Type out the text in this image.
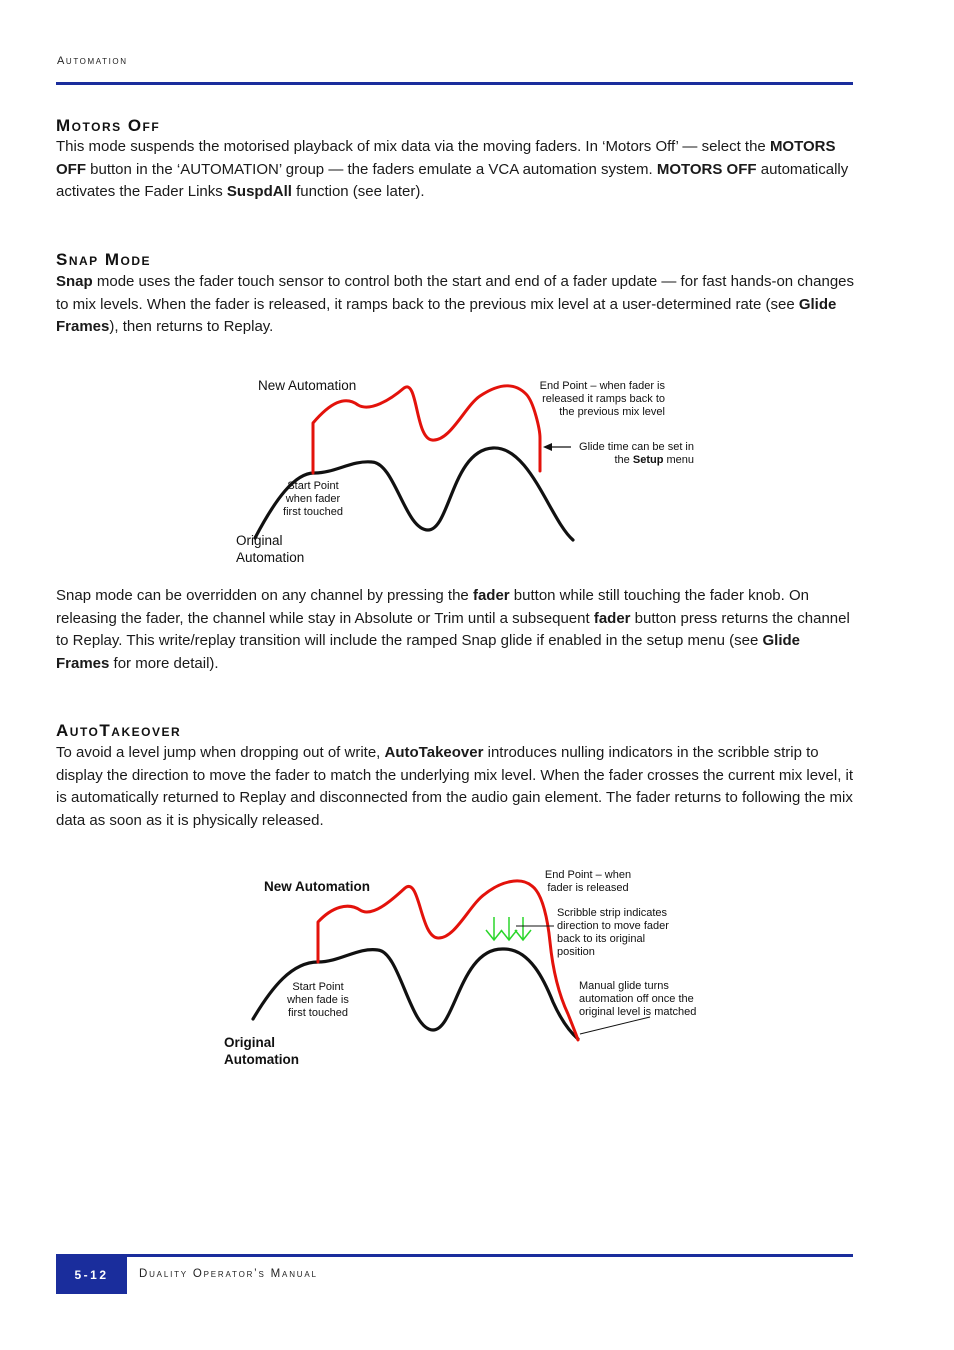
Automation
Motors Off

This mode suspends the motorised playback of mix data via the moving faders. In ‘Motors Off’ — select the MOTORS OFF button in the ‘AUTOMATION’ group — the faders emulate a VCA automation system. MOTORS OFF automatically activates the Fader Links SuspdAll function (see later).

Snap Mode

Snap mode uses the fader touch sensor to control both the start and end of a fader update — for fast hands-on changes to mix levels. When the fader is released, it ramps back to the previous mix level at a user-determined rate (see Glide Frames), then returns to Replay.

New Automation	End Point – when fader is
released it ramps back to
the previous mix level
Glide time can be set in
the Setup menu
Start Point
when fader
first touched
Original
Automation

Snap mode can be overridden on any channel by pressing the fader button while still touching the fader knob. On releasing the fader, the channel while stay in Absolute or Trim until a subsequent fader button press returns the channel to Replay. This write/replay transition will include the ramped Snap glide if enabled in the setup menu (see Glide Frames for more detail).

AutoTakeover

To avoid a level jump when dropping out of write, AutoTakeover introduces nulling indicators in the scribble strip to display the direction to move the fader to match the underlying mix level. When the fader crosses the current mix level, it is automatically returned to Replay and disconnected from the audio gain element. The fader returns to following the mix data as soon as it is physically released.

New Automation
End Point – when
fader is released
Scribble strip indicates
direction to move fader
back to its original
position
Manual glide turns
automation off once the
original level is matched
Start Point
when fade is
first touched
Original
Automation
5-12	Duality Operator’s Manual
